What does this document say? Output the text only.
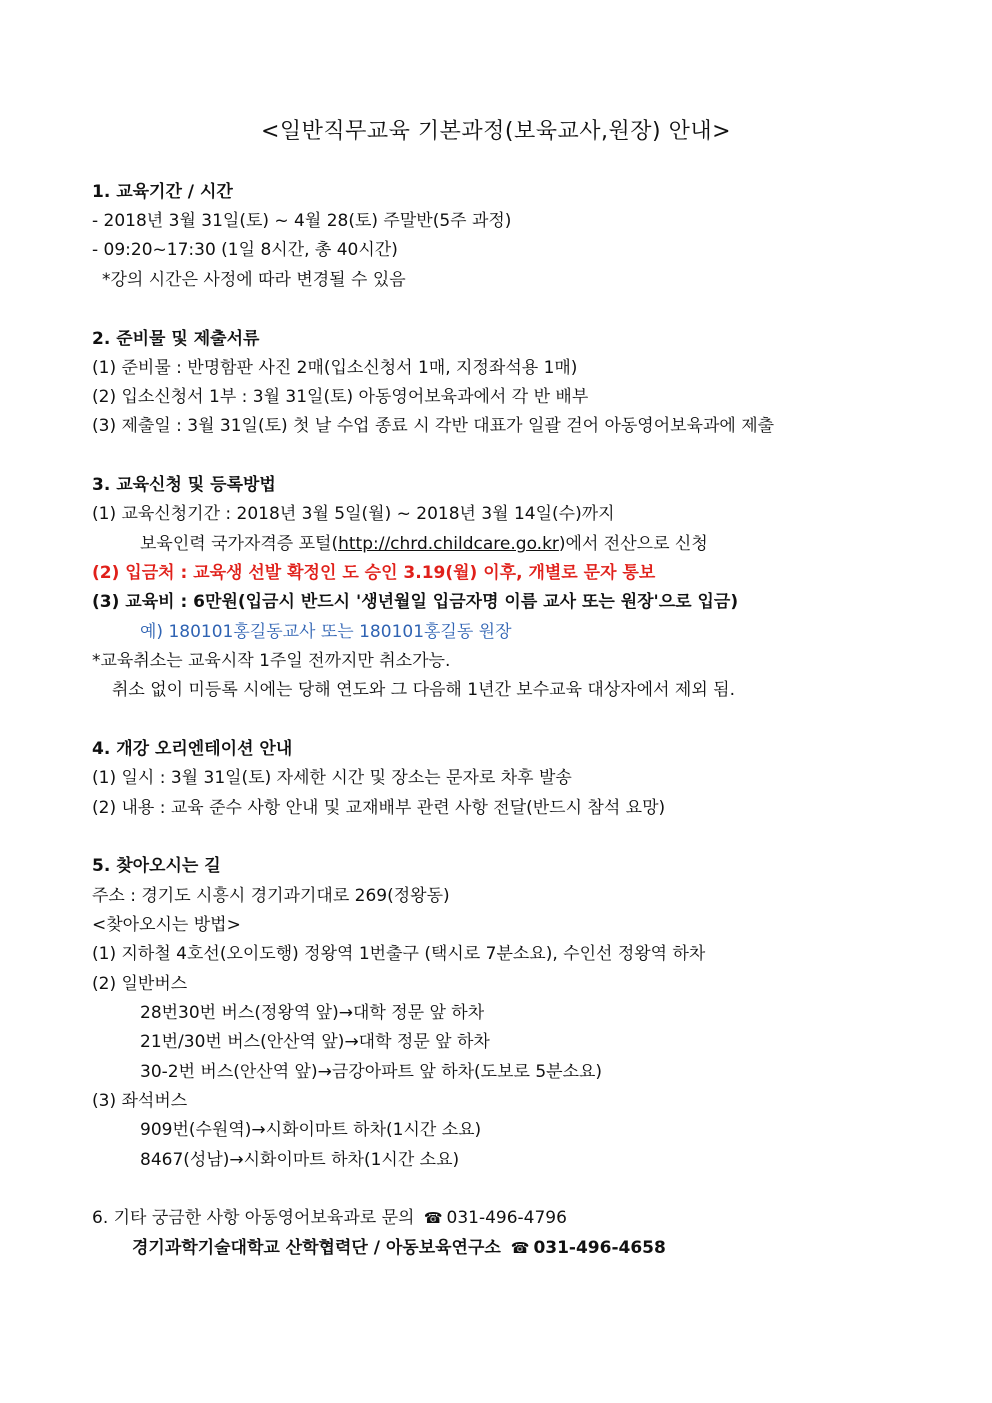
<일반직무교육 기본과정(보육교사,원장) 안내>
1. 교육기간 / 시간
- 2018년 3월 31일(토) ~ 4월 28(토) 주말반(5주 과정)
- 09:20~17:30 (1일 8시간, 총 40시간)
*강의 시간은 사정에 따라 변경될 수 있음
2. 준비물 및 제출서류
(1) 준비물 : 반명함판 사진 2매(입소신청서 1매, 지정좌석용 1매)
(2) 입소신청서 1부 : 3월 31일(토) 아동영어보육과에서 각 반 배부
(3) 제출일 : 3월 31일(토) 첫 날 수업 종료 시 각반 대표가 일괄 걷어 아동영어보육과에 제출
3. 교육신청 및 등록방법
(1) 교육신청기간 : 2018년 3월 5일(월) ~ 2018년 3월 14일(수)까지
보육인력 국가자격증 포털(http://chrd.childcare.go.kr)에서 전산으로 신청
(2) 입금처 : 교육생 선발 확정인 도 승인 3.19(월) 이후, 개별로 문자 통보
(3) 교육비 : 6만원(입금시 반드시 '생년월일 입금자명 이름 교사 또는 원장'으로 입금)
예) 180101홍길동교사 또는 180101홍길동 원장
*교육취소는 교육시작 1주일 전까지만 취소가능.
취소 없이 미등록 시에는 당해 연도와 그 다음해 1년간 보수교육 대상자에서 제외 됨.
4. 개강 오리엔테이션 안내
(1) 일시 : 3월 31일(토) 자세한 시간 및 장소는 문자로 차후 발송
(2) 내용 : 교육 준수 사항 안내 및 교재배부 관련 사항 전달(반드시 참석 요망)
5. 찾아오시는 길
주소 : 경기도 시흥시 경기과기대로 269(정왕동)
<찾아오시는 방법>
(1) 지하철 4호선(오이도행) 정왕역 1번출구 (택시로 7분소요), 수인선 정왕역 하차
(2) 일반버스
28번30번 버스(정왕역 앞)→대학 정문 앞 하차
21번/30번 버스(안산역 앞)→대학 정문 앞 하차
30-2번 버스(안산역 앞)→금강아파트 앞 하차(도보로 5분소요)
(3) 좌석버스
909번(수원역)→시화이마트 하차(1시간 소요)
8467(성남)→시화이마트 하차(1시간 소요)
6. 기타 궁금한 사항 아동영어보육과로 문의 ☎ 031-496-4796
경기과학기술대학교 산학협력단 / 아동보육연구소 ☎ 031-496-4658
